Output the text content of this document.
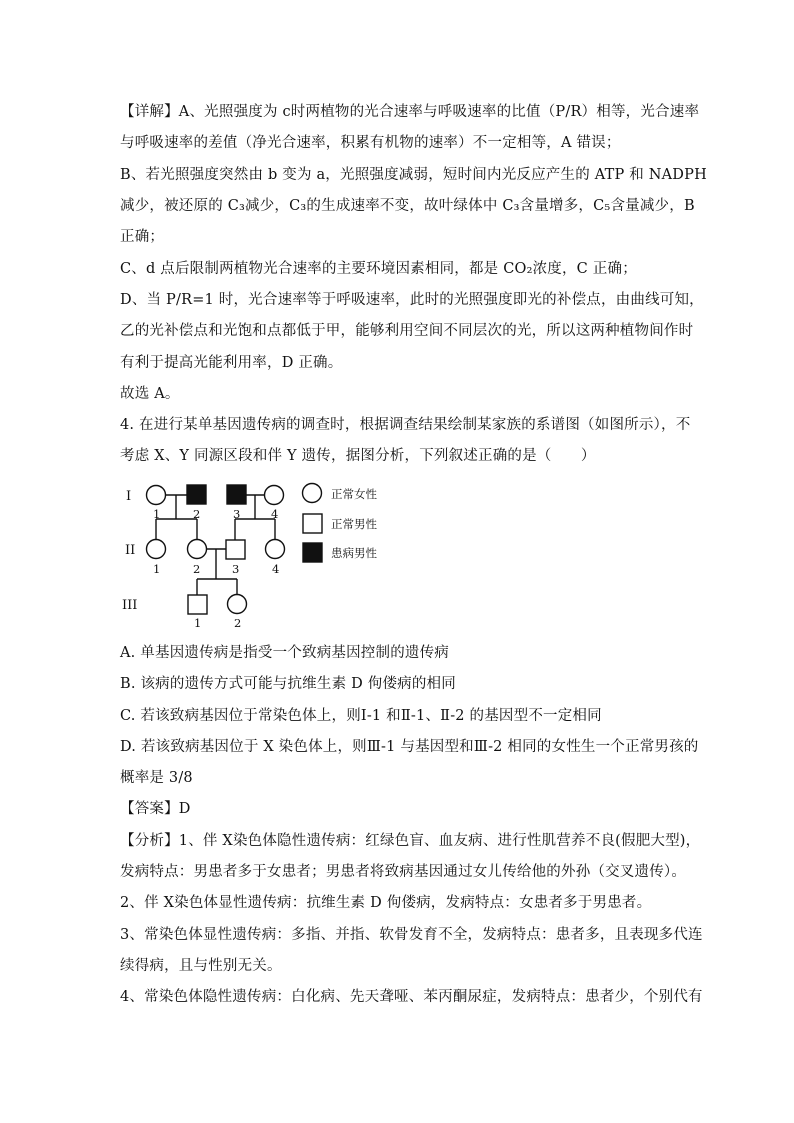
【详解】A、光照强度为 c时两植物的光合速率与呼吸速率的比值（P/R）相等，光合速率
与呼吸速率的差值（净光合速率，积累有机物的速率）不一定相等，A 错误；
B、若光照强度突然由 b 变为 a，光照强度减弱，短时间内光反应产生的 ATP 和 NADPH
减少，被还原的 C₃减少，C₃的生成速率不变，故叶绿体中 C₃含量增多，C₅含量减少，B
正确；
C、d 点后限制两植物光合速率的主要环境因素相同，都是 CO₂浓度，C 正确；
D、当 P/R=1 时，光合速率等于呼吸速率，此时的光照强度即光的补偿点，由曲线可知，
乙的光补偿点和光饱和点都低于甲，能够利用空间不同层次的光，所以这两种植物间作时
有利于提高光能利用率，D 正确。
故选 A。
4. 在进行某单基因遗传病的调查时，根据调查结果绘制某家族的系谱图（如图所示），不
考虑 X、Y 同源区段和伴 Y 遗传，据图分析，下列叙述正确的是（　　）
I
II
III
1	2	3	4
1	2	3	4
1	2
正常女性
正常男性
患病男性
A. 单基因遗传病是指受一个致病基因控制的遗传病
B. 该病的遗传方式可能与抗维生素 D 佝偻病的相同
C. 若该致病基因位于常染色体上，则Ⅰ-1 和Ⅱ-1、Ⅱ-2 的基因型不一定相同
D. 若该致病基因位于 X 染色体上，则Ⅲ-1 与基因型和Ⅲ-2 相同的女性生一个正常男孩的
概率是 3/8
【答案】D
【分析】1、伴 X染色体隐性遗传病：红绿色盲、血友病、进行性肌营养不良(假肥大型)，
发病特点：男患者多于女患者；男患者将致病基因通过女儿传给他的外孙（交叉遗传）。
2、伴 X染色体显性遗传病：抗维生素 D 佝偻病，发病特点：女患者多于男患者。
3、常染色体显性遗传病：多指、并指、软骨发育不全，发病特点：患者多，且表现多代连
续得病，且与性别无关。
4、常染色体隐性遗传病：白化病、先天聋哑、苯丙酮尿症，发病特点：患者少，个别代有
